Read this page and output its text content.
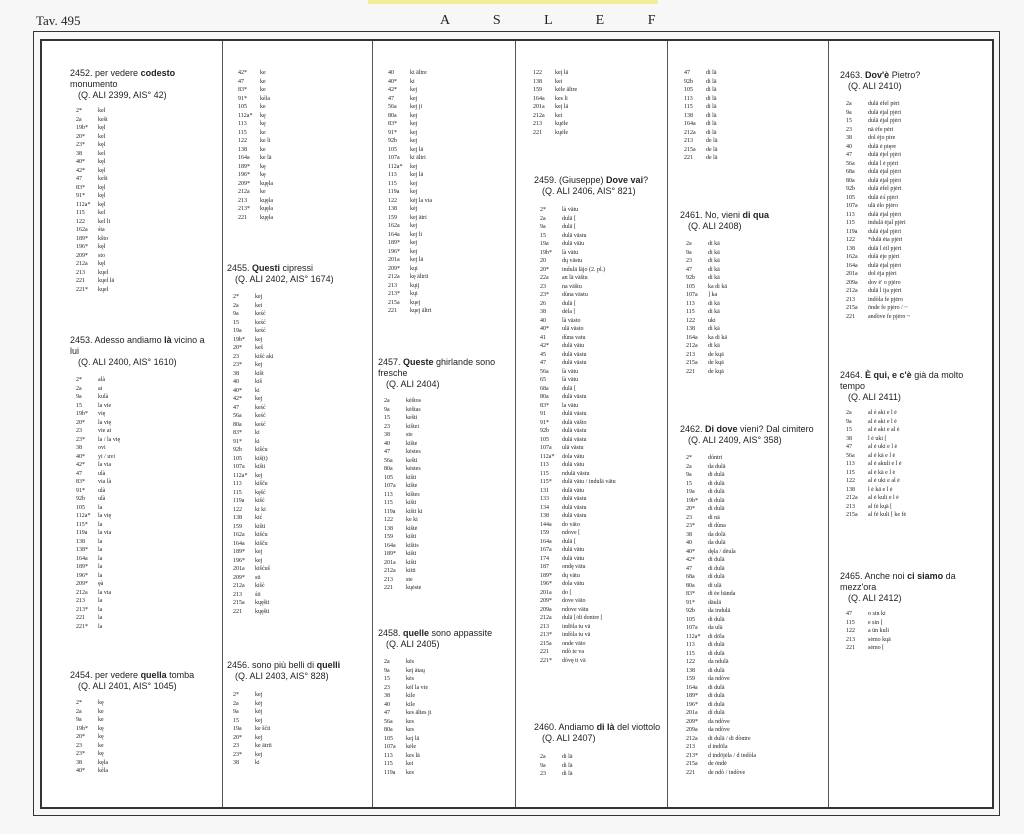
Tav. 495	A S L E F
2452. per vedere codesto monumento
(Q. ALI 2399, AIS° 42)
2*	kel
2a	kešt
19b*	kęl
20*	kel
23*	kęl
38	kel
40*	kęl
42*	kęl
47	kešt
83*	kęl
91*	kęl
112a*	kęl
115	kel
122	kel li
162a	śta
189*	kšto
196*	kęl
209*	sto
212a	kęl
213	kųel
221	kųel lä
221*	kųel
2453. Adesso andiamo là vicino a lui
(Q. ALI 2400, AIS° 1610)
2*	alà
2a	ai
9a	kulà
15	la vie
19b*	vię
20*	la vię
23	vie ai
23*	la / la vię
38	ovi
40*	yi / uvi
42*	la via
47	ulà
83*	via là
91*	ulà
92b	ulà
105	la
112a*	la vię
115*	la
119a	la via
138	la
138*	la
164a	la
189*	la
196*	la
209*	ęà
212a	la via
213	la
213*	la
221	la
221*	la
2454. per vedere quella tomba
(Q. ALI 2401, AIS° 1045)
2*	kę
2a	ke
9a	ke
19b*	kę
20*	kę
23	ke
23*	kę
38	kęla
40*	kèla
42*	ke
47	ke
83*	ke
91*	kèla
105	ke
112a*	kę
113	kę
115	ke
122	ke li
138	ke
164a	ke lä
189*	kę
196*	kę
209*	kųęla
212a	ke
213	kųęla
213*	kųęla
221	kųęla
2455. Questi cipressi
(Q. ALI 2402, AIS° 1674)
2*	kej
2a	kei
9a	keść
15	keść
19a	keść
19b*	kej
20*	keš
23	kišć aki
23*	kej
38	kišt
40	kiš
40*	ki
42*	kej
47	keść
56a	keść
80a	keść
83*	ki
91*	ki
92b	kišću
105	kiš(t)
107a	kišti
112a*	kej
113	kišču
115	kęšć
119a	kišć
122	ki ki
138	kić
159	kišti
162a	kišću
164a	kišču
189*	kej
196*	kej
201a	kišćuš
209*	sti
212a	kišć
213	śti
215a	kųęšti
221	kųęšti
2456. sono più belli di quelli
(Q. ALI 2403, AIS° 828)
2*	kej
2a	kėj
9a	kėj
15	kej
19a	ke šćii
20*	kej
23	ke ätrii
23*	kej
38	ki
40	ki ältre
40*	ki
42*	kej
47	kej
56a	kej ji
80a	kej
83*	kej
91*	kej
92b	kej
105	kej lä
107a	ki ältri
112a*	kej
113	kej lä
115	kej
119a	kej
122	kėj la via
138	kėj
159	kej ätri
162a	kej
164a	kej li
189*	kej
196*	kej
201a	kej lä
209*	kųi
212a	kę ältrii
213	kųij
213*	kųi
215a	kųej
221	kųej ältri
2457. Queste ghirlande sono fresche
(Q. ALI 2404)
2a	kėštos
9a	kėštas
15	kešti
23	kištei
38	ste
40	kište
47	kėstes
56a	kešti
80a	kėstes
105	kišti
107a	kište
113	kištes
115	kišti
119a	kišti ki
122	ke ki
138	kištė
159	kišti
164a	kištis
189*	kišti
201a	kišti
212a	kiiti
213	ste
221	kųėste
2458. quelle sono appassite
(Q. ALI 2405)
2a	kės
9a	keį ätaų
15	kės
23	kėl la vie
38	kile
40	kile
47	kes ältes ji
56a	kes
80a	kes
105	keį lä
107a	kėle
113	kes lä
115	kei
119a	kes
122	keį lä
138	kei
159	kėle ältre
164a	kes li
201a	keį lä
212a	kei
213	kųėle
221	kųėle
2459. (Giuseppe) Dove vai?
(Q. ALI 2406, AIS° 821)
2*	là vätu
2a	dulä [
9a	dulä [
15	dulä västu
19a	dulä väīu
19b*	là vätu
20	dų västu
20*	indulä läjo (2. pl.)
22a	an lä väštu
23	na väštu
23*	dùna västu
26	dulä [
38	dėla [
40	là västo
40*	ulä västo
41	dùna vatu
42*	dulä vätu
45	dulä västu
47	dulä västu
56a	là vätu
65	là vätu
68a	dulä [
80a	dulä västu
83*	la vätu
91	dulä västu
91*	dulä väšto
92b	dulä västu
105	dulä västu
107a	ulä västu
112a*	dola vätu
113	dulä vätu
115	ndulä västu
115*	dulä vätu / indulä vätu
131	dulä vätu
133	dulä västu
134	dulä västu
138	dulä västu
144a	do väto
159	ndove [
164a	dulä [
167a	dulä vätu
174	dulä vätu
187	ondę vätu
189*	dų vätu
196*	dola vätu
201a	do [
209*	dove väto
209a	ndove vätu
212a	dulä [/di dontre [
213	indöla tu vä
213*	indòla tu vä
215a	onde väto
221	ndò te va
221*	dòvę ti vä
2460. Andiamo di là del viottolo
(Q. ALI 2407)
2a	di lä
9a	di lä
23	di lä
47	di lä
92b	di lä
105	di lä
113	di lä
115	di lä
138	di lä
164a	di lä
212a	di lä
213	de lä
215a	de lä
221	de lä
2461. No, vieni di qua
(Q. ALI 2408)
2a	di kä
9a	di kä
23	di kä
47	di kä
92b	di kä
105	ka di kä
107a	] ka
113	di kä
115	di kä
122	uki
138	di kä
164a	ka di kä
212a	di kä
213	de kųä
215a	de kųä
221	de kųä
2462. Di dove vieni? Dal cimitero
(Q. ALI 2409, AIS° 358)
2*	dóntri
2a	da dulä
9a	di dulä
15	di dulä
19a	di dulä
19b*	di dulä
20*	di dulä
23	di nä
23*	di dùna
38	da dolä
40	da dulä
40*	dęla / dėula
42*	di dulä
47	di dulä
68a	di dulä
80a	di ulä
83*	di ėe bända
91*	däulä
92b	da indulä
105	di dulä
107a	da ulä
112a*	di döla
113	di dulä
115	di dulä
122	da ndulä
138	di dulä
159	da ndòve
164a	di dulä
189*	di dulä
196*	di dulä
201a	di dulä
209*	da ndòve
209a	da ndòve
212a	di dulä / di dòntre
213	d indöla
213*	d indöjėla / d indòla
215a	de öndė
221	de ndò / indòve
2463. Dov'è Pietro?
(Q. ALI 2410)
2a	dulä ėfel pėri
9a	dulä ėjal pjėri
15	dulä ėjal pjėri
23	nä ėfe pėri
38	dol ėjo pire
40	dulä ė pięre
47	dulä ėjel pjėri
56a	dulä l ė pjėri
68a	dulä ėjal pjėri
80a	dulä ėjal pjėri
92b	dulä ėfel pjėri
105	dulä ėʎ pjėri
107a	ulä ėlo pjėro
113	dulä ėjal pjėri
115	indulä ėjal pjėri
119a	dulä ėjal pjėri
122	*dulä ėta pjėri
138	dulä l ėil pjėri
162a	dulä ėje pjėri
164a	dulä ėjal pjėri
201a	dol ėja pjėri
209a	dov ė' o pjėro
212a	dulä l ija pjėri
213	indòla fe pjėro
215a	önde fe pjėro / ~
221	andòve fe pjėro ~
2464. È qui, e c'è già da molto tempo
(Q. ALI 2411)
2a	al è aki e l ė
9a	al ė aki e l ė
15	al ė aki e al ė
38	l ė uki [
47	al ė uki e l ė
56a	al ė kä e l ė
113	al ė akuli e l ė
115	al ė kä e l ė
122	al ė uki e al ė
138	l ė kä e l ė
212a	al ė kuli e l ė
213	al fė kųä [
215a	al fė kuli [ ke fė
2465. Anche noi ci siamo da mezz'ora
(Q. ALI 2412)
47	o sin ki
115	e sin [
122	a ün kuli
213	sėmo kųä
221	sėmo [
